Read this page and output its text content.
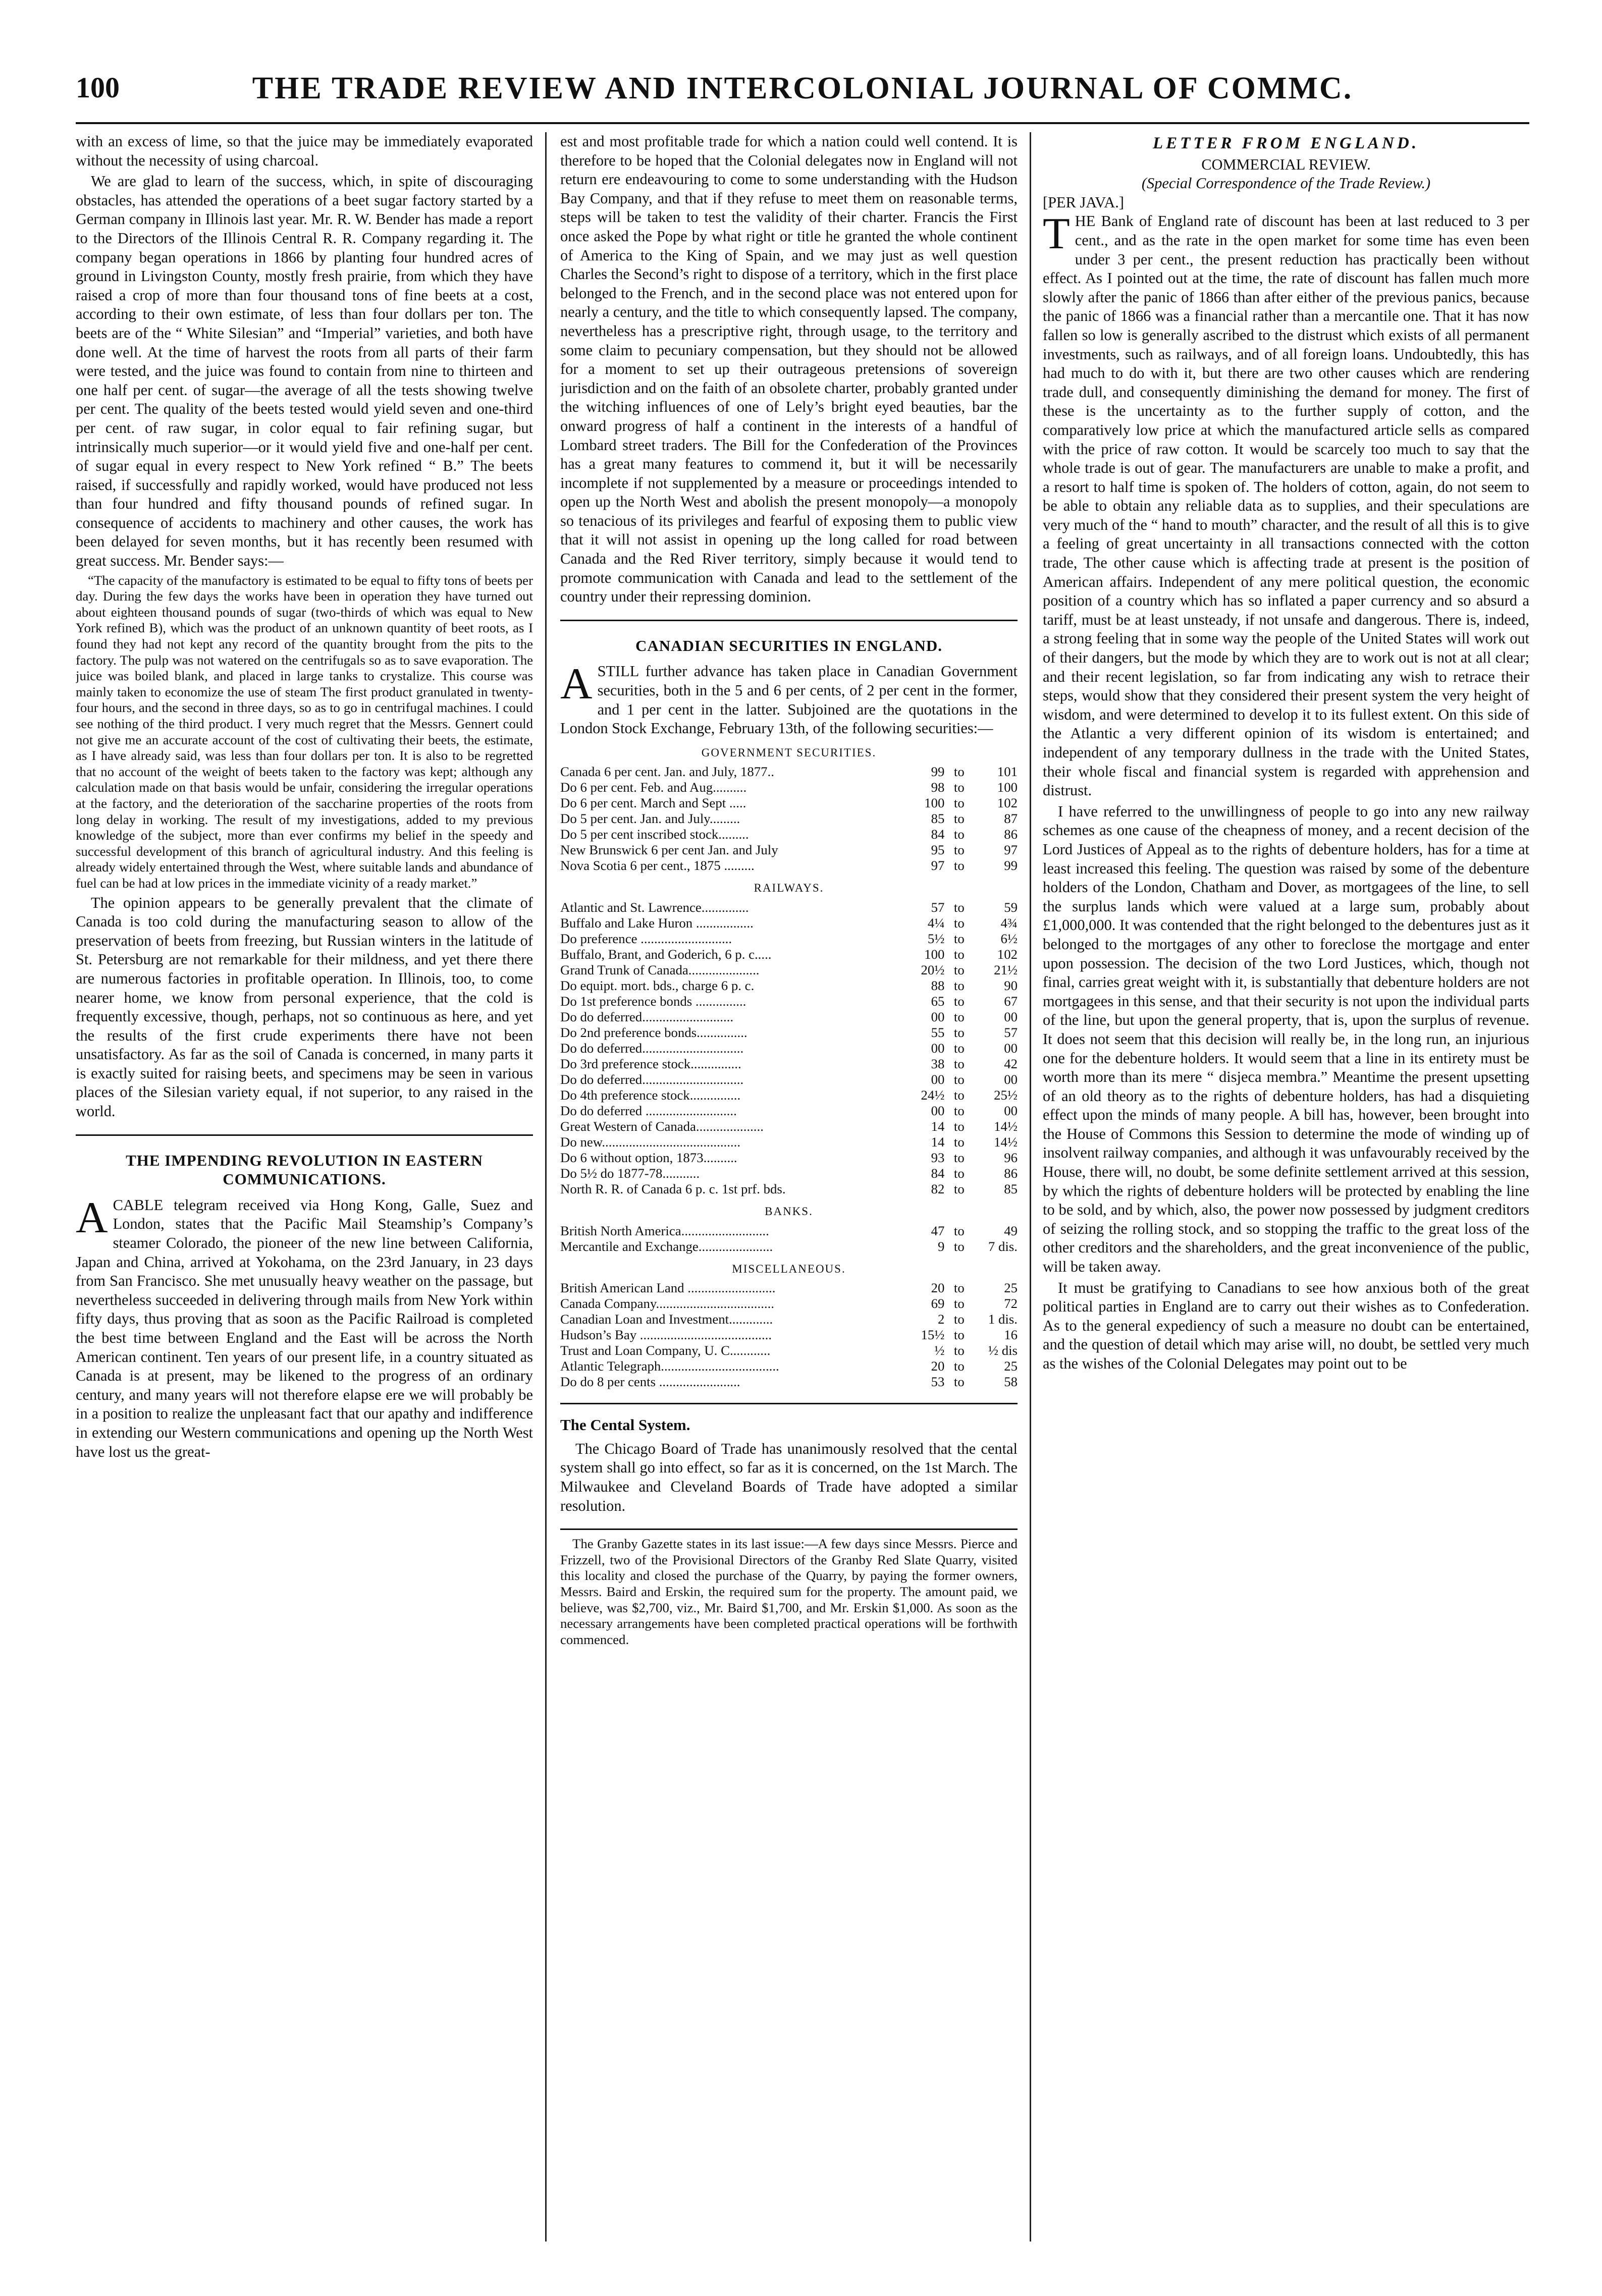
100	THE TRADE REVIEW AND INTERCOLONIAL JOURNAL OF COMMC.

with an excess of lime, so that the juice may be immediately evaporated without the necessity of using charcoal.

We are glad to learn of the success, which, in spite of discouraging obstacles, has attended the operations of a beet sugar factory started by a German company in Illinois last year. Mr. R. W. Bender has made a report to the Directors of the Illinois Central R. R. Company regarding it. The company began operations in 1866 by planting four hundred acres of ground in Livingston County, mostly fresh prairie, from which they have raised a crop of more than four thousand tons of fine beets at a cost, according to their own estimate, of less than four dollars per ton. The beets are of the “ White Silesian” and “Imperial” varieties, and both have done well. At the time of harvest the roots from all parts of their farm were tested, and the juice was found to contain from nine to thirteen and one half per cent. of sugar—the average of all the tests showing twelve per cent. The quality of the beets tested would yield seven and one-third per cent. of raw sugar, in color equal to fair refining sugar, but intrinsically much superior—or it would yield five and one-half per cent. of sugar equal in every respect to New York refined “ B.” The beets raised, if successfully and rapidly worked, would have produced not less than four hundred and fifty thousand pounds of refined sugar. In consequence of accidents to machinery and other causes, the work has been delayed for seven months, but it has recently been resumed with great success. Mr. Bender says:—

“The capacity of the manufactory is estimated to be equal to fifty tons of beets per day. During the few days the works have been in operation they have turned out about eighteen thousand pounds of sugar (two-thirds of which was equal to New York refined B), which was the product of an unknown quantity of beet roots, as I found they had not kept any record of the quantity brought from the pits to the factory. The pulp was not watered on the centrifugals so as to save evaporation. The juice was boiled blank, and placed in large tanks to crystalize. This course was mainly taken to economize the use of steam The first product granulated in twenty-four hours, and the second in three days, so as to go in centrifugal machines. I could see nothing of the third product. I very much regret that the Messrs. Gennert could not give me an accurate account of the cost of cultivating their beets, the estimate, as I have already said, was less than four dollars per ton. It is also to be regretted that no account of the weight of beets taken to the factory was kept; although any calculation made on that basis would be unfair, considering the irregular operations at the factory, and the deterioration of the saccharine properties of the roots from long delay in working. The result of my investigations, added to my previous knowledge of the subject, more than ever confirms my belief in the speedy and successful development of this branch of agricultural industry. And this feeling is already widely entertained through the West, where suitable lands and abundance of fuel can be had at low prices in the immediate vicinity of a ready market.”

The opinion appears to be generally prevalent that the climate of Canada is too cold during the manufacturing season to allow of the preservation of beets from freezing, but Russian winters in the latitude of St. Petersburg are not remarkable for their mildness, and yet there there are numerous factories in profitable operation. In Illinois, too, to come nearer home, we know from personal experience, that the cold is frequently excessive, though, perhaps, not so continuous as here, and yet the results of the first crude experiments there have not been unsatisfactory. As far as the soil of Canada is concerned, in many parts it is exactly suited for raising beets, and specimens may be seen in various places of the Silesian variety equal, if not superior, to any raised in the world.

THE IMPENDING REVOLUTION IN EASTERN COMMUNICATIONS.

ACABLE telegram received via Hong Kong, Galle, Suez and London, states that the Pacific Mail Steamship’s Company’s steamer Colorado, the pioneer of the new line between California, Japan and China, arrived at Yokohama, on the 23rd January, in 23 days from San Francisco. She met unusually heavy weather on the passage, but nevertheless succeeded in delivering through mails from New York within fifty days, thus proving that as soon as the Pacific Railroad is completed the best time between England and the East will be across the North American continent. Ten years of our present life, in a country situated as Canada is at present, may be likened to the progress of an ordinary century, and many years will not therefore elapse ere we will probably be in a position to realize the unpleasant fact that our apathy and indifference in extending our Western communications and opening up the North West have lost us the great-

est and most profitable trade for which a nation could well contend. It is therefore to be hoped that the Colonial delegates now in England will not return ere endeavouring to come to some understanding with the Hudson Bay Company, and that if they refuse to meet them on reasonable terms, steps will be taken to test the validity of their charter. Francis the First once asked the Pope by what right or title he granted the whole continent of America to the King of Spain, and we may just as well question Charles the Second’s right to dispose of a territory, which in the first place belonged to the French, and in the second place was not entered upon for nearly a century, and the title to which consequently lapsed. The company, nevertheless has a prescriptive right, through usage, to the territory and some claim to pecuniary compensation, but they should not be allowed for a moment to set up their outrageous pretensions of sovereign jurisdiction and on the faith of an obsolete charter, probably granted under the witching influences of one of Lely’s bright eyed beauties, bar the onward progress of half a continent in the interests of a handful of Lombard street traders. The Bill for the Confederation of the Provinces has a great many features to commend it, but it will be necessarily incomplete if not supplemented by a measure or proceedings intended to open up the North West and abolish the present monopoly—a monopoly so tenacious of its privileges and fearful of exposing them to public view that it will not assist in opening up the long called for road between Canada and the Red River territory, simply because it would tend to promote communication with Canada and lead to the settlement of the country under their repressing dominion.

CANADIAN SECURITIES IN ENGLAND.

ASTILL further advance has taken place in Canadian Government securities, both in the 5 and 6 per cents, of 2 per cent in the former, and 1 per cent in the latter. Subjoined are the quotations in the London Stock Exchange, February 13th, of the following securities:—

GOVERNMENT SECURITIES.
Canada 6 per cent. Jan. and July, 1877..	99	to	101
Do 6 per cent. Feb. and Aug..........	98	to	100
Do 6 per cent. March and Sept .....	100	to	102
Do 5 per cent. Jan. and July.........	85	to	87
Do 5 per cent inscribed stock.........	84	to	86
New Brunswick 6 per cent Jan. and July	95	to	97
Nova Scotia 6 per cent., 1875 .........	97	to	99
RAILWAYS.
Atlantic and St. Lawrence..............	57	to	59
Buffalo and Lake Huron .................	4¼	to	4¾
Do preference ...........................	5½	to	6½
Buffalo, Brant, and Goderich, 6 p. c.....	100	to	102
Grand Trunk of Canada.....................	20½	to	21½
Do equipt. mort. bds., charge 6 p. c.	88	to	90
Do 1st preference bonds ...............	65	to	67
Do do deferred...........................	00	to	00
Do 2nd preference bonds...............	55	to	57
Do do deferred..............................	00	to	00
Do 3rd preference stock...............	38	to	42
Do do deferred..............................	00	to	00
Do 4th preference stock...............	24½	to	25½
Do do deferred ...........................	00	to	00
Great Western of Canada....................	14	to	14½
Do new.........................................	14	to	14½
Do 6 without option, 1873..........	93	to	96
Do 5½ do 1877-78...........	84	to	86
North R. R. of Canada 6 p. c. 1st prf. bds.	82	to	85
BANKS.
British North America..........................	47	to	49
Mercantile and Exchange......................	9	to	7 dis.
MISCELLANEOUS.
British American Land ..........................	20	to	25
Canada Company...................................	69	to	72
Canadian Loan and Investment.............	2	to	1 dis.
Hudson’s Bay .......................................	15½	to	16
Trust and Loan Company, U. C............	½	to	½ dis
Atlantic Telegraph...................................	20	to	25
Do do 8 per cents ........................	53	to	58
The Cental System.

The Chicago Board of Trade has unanimously resolved that the cental system shall go into effect, so far as it is concerned, on the 1st March. The Milwaukee and Cleveland Boards of Trade have adopted a similar resolution.

The Granby Gazette states in its last issue:—A few days since Messrs. Pierce and Frizzell, two of the Provisional Directors of the Granby Red Slate Quarry, visited this locality and closed the purchase of the Quarry, by paying the former owners, Messrs. Baird and Erskin, the required sum for the property. The amount paid, we believe, was $2,700, viz., Mr. Baird $1,700, and Mr. Erskin $1,000. As soon as the necessary arrangements have been completed practical operations will be forthwith commenced.

LETTER FROM ENGLAND.
COMMERCIAL REVIEW.
(Special Correspondence of the Trade Review.)
[PER JAVA.]

THE Bank of England rate of discount has been at last reduced to 3 per cent., and as the rate in the open market for some time has even been under 3 per cent., the present reduction has practically been without effect. As I pointed out at the time, the rate of discount has fallen much more slowly after the panic of 1866 than after either of the previous panics, because the panic of 1866 was a financial rather than a mercantile one. That it has now fallen so low is generally ascribed to the distrust which exists of all permanent investments, such as railways, and of all foreign loans. Undoubtedly, this has had much to do with it, but there are two other causes which are rendering trade dull, and consequently diminishing the demand for money. The first of these is the uncertainty as to the further supply of cotton, and the comparatively low price at which the manufactured article sells as compared with the price of raw cotton. It would be scarcely too much to say that the whole trade is out of gear. The manufacturers are unable to make a profit, and a resort to half time is spoken of. The holders of cotton, again, do not seem to be able to obtain any reliable data as to supplies, and their speculations are very much of the “ hand to mouth” character, and the result of all this is to give a feeling of great uncertainty in all transactions connected with the cotton trade, The other cause which is affecting trade at present is the position of American affairs. Independent of any mere political question, the economic position of a country which has so inflated a paper currency and so absurd a tariff, must be at least unsteady, if not unsafe and dangerous. There is, indeed, a strong feeling that in some way the people of the United States will work out of their dangers, but the mode by which they are to work out is not at all clear; and their recent legislation, so far from indicating any wish to retrace their steps, would show that they considered their present system the very height of wisdom, and were determined to develop it to its fullest extent. On this side of the Atlantic a very different opinion of its wisdom is entertained; and independent of any temporary dullness in the trade with the United States, their whole fiscal and financial system is regarded with apprehension and distrust.

I have referred to the unwillingness of people to go into any new railway schemes as one cause of the cheapness of money, and a recent decision of the Lord Justices of Appeal as to the rights of debenture holders, has for a time at least increased this feeling. The question was raised by some of the debenture holders of the London, Chatham and Dover, as mortgagees of the line, to sell the surplus lands which were valued at a large sum, probably about £1,000,000. It was contended that the right belonged to the debentures just as it belonged to the mortgages of any other to foreclose the mortgage and enter upon possession. The decision of the two Lord Justices, which, though not final, carries great weight with it, is substantially that debenture holders are not mortgagees in this sense, and that their security is not upon the individual parts of the line, but upon the general property, that is, upon the surplus of revenue. It does not seem that this decision will really be, in the long run, an injurious one for the debenture holders. It would seem that a line in its entirety must be worth more than its mere “ disjeca membra.” Meantime the present upsetting of an old theory as to the rights of debenture holders, has had a disquieting effect upon the minds of many people. A bill has, however, been brought into the House of Commons this Session to determine the mode of winding up of insolvent railway companies, and although it was unfavourably received by the House, there will, no doubt, be some definite settlement arrived at this session, by which the rights of debenture holders will be protected by enabling the line to be sold, and by which, also, the power now possessed by judgment creditors of seizing the rolling stock, and so stopping the traffic to the great loss of the other creditors and the shareholders, and the great inconvenience of the public, will be taken away.

It must be gratifying to Canadians to see how anxious both of the great political parties in England are to carry out their wishes as to Confederation. As to the general expediency of such a measure no doubt can be entertained, and the question of detail which may arise will, no doubt, be settled very much as the wishes of the Colonial Delegates may point out to be
